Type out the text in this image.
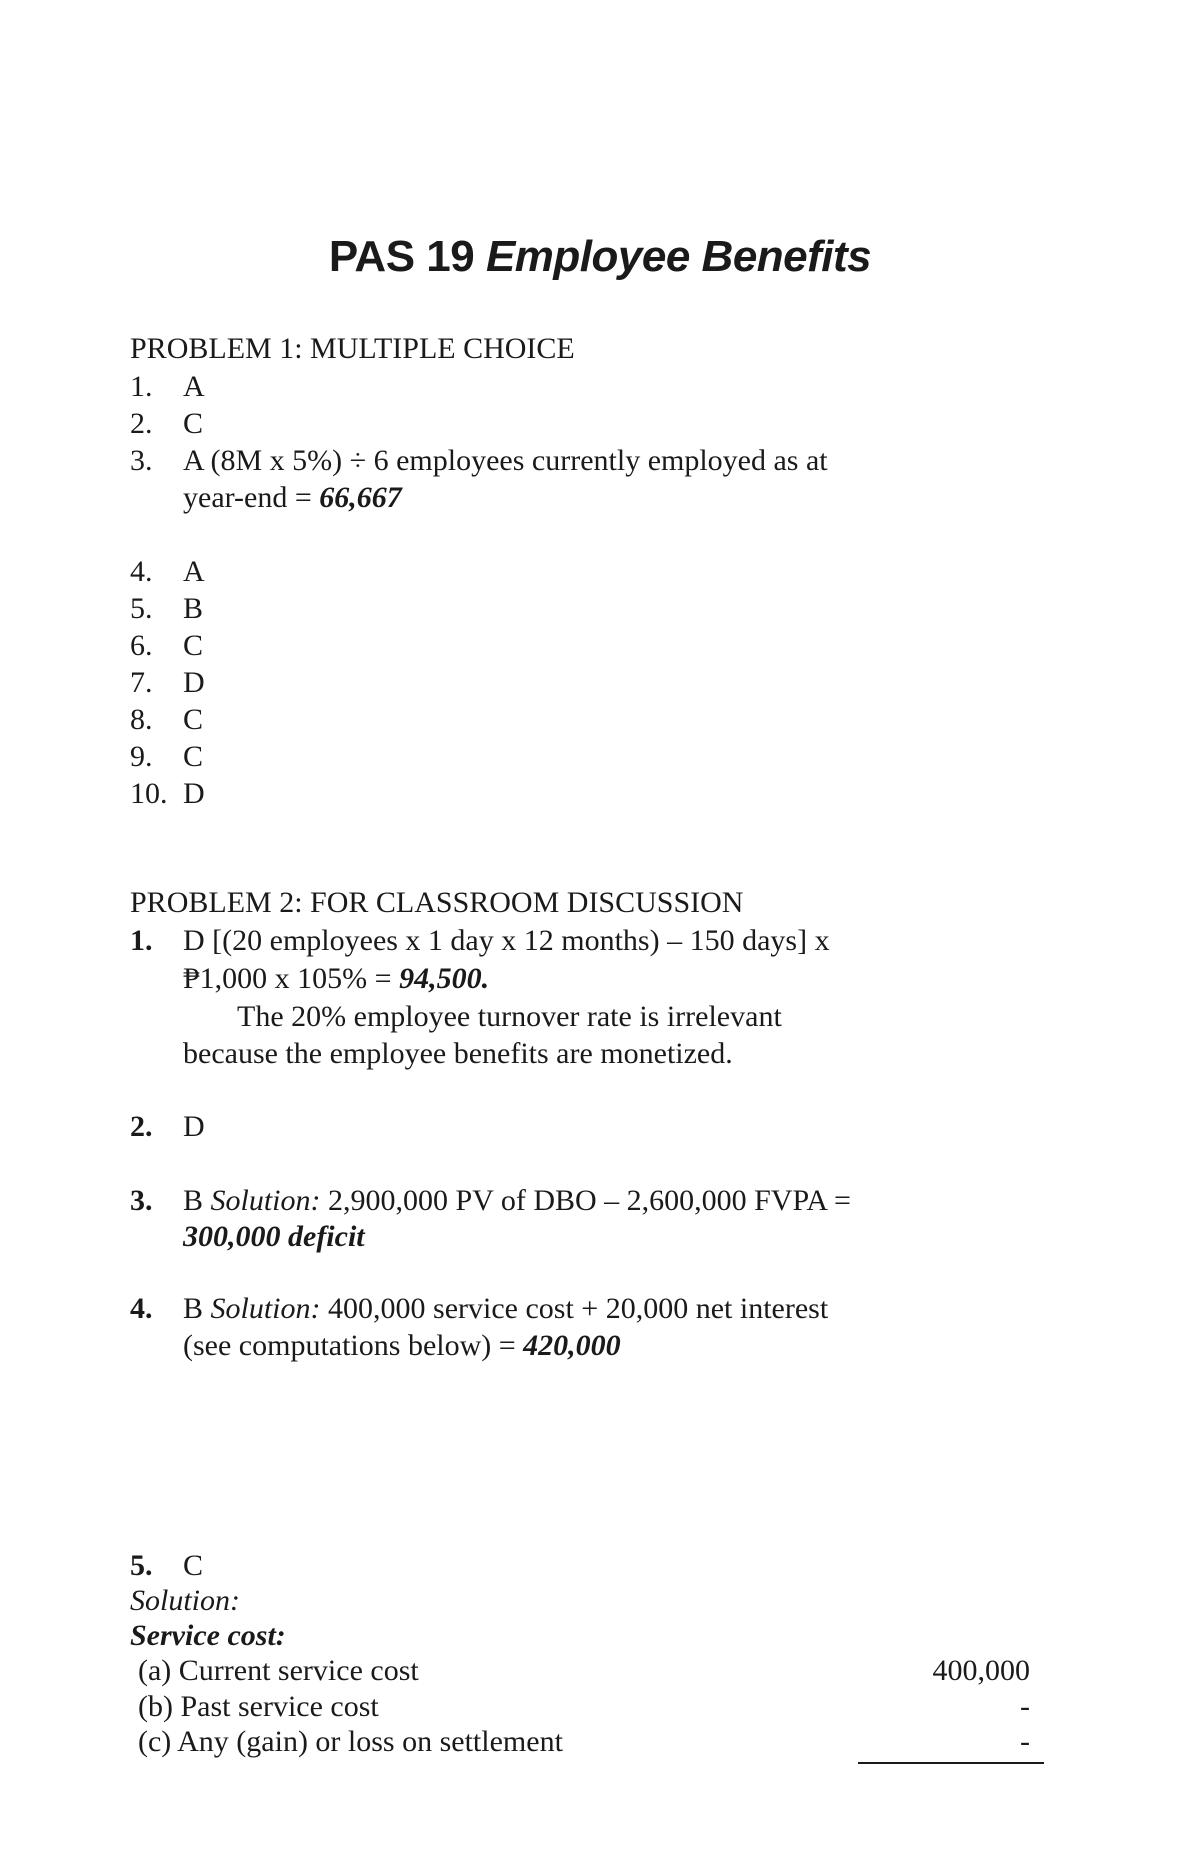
PAS 19 Employee Benefits
PROBLEM 1: MULTIPLE CHOICE
1. A
2. C
3. A (8M x 5%) ÷ 6 employees currently employed as at
year-end = 66,667
4. A
5. B
6. C
7. D
8. C
9. C
10. D
PROBLEM 2: FOR CLASSROOM DISCUSSION
1. D [(20 employees x 1 day x 12 months) – 150 days] x
₱1,000 x 105% = 94,500.
The 20% employee turnover rate is irrelevant
because the employee benefits are monetized.
2. D
3. B Solution: 2,900,000 PV of DBO – 2,600,000 FVPA =
300,000 deficit
4. B Solution: 400,000 service cost + 20,000 net interest
(see computations below) = 420,000
5. C
Solution:
Service cost:
(a) Current service cost	400,000
(b) Past service cost	-
(c) Any (gain) or loss on settlement	-
